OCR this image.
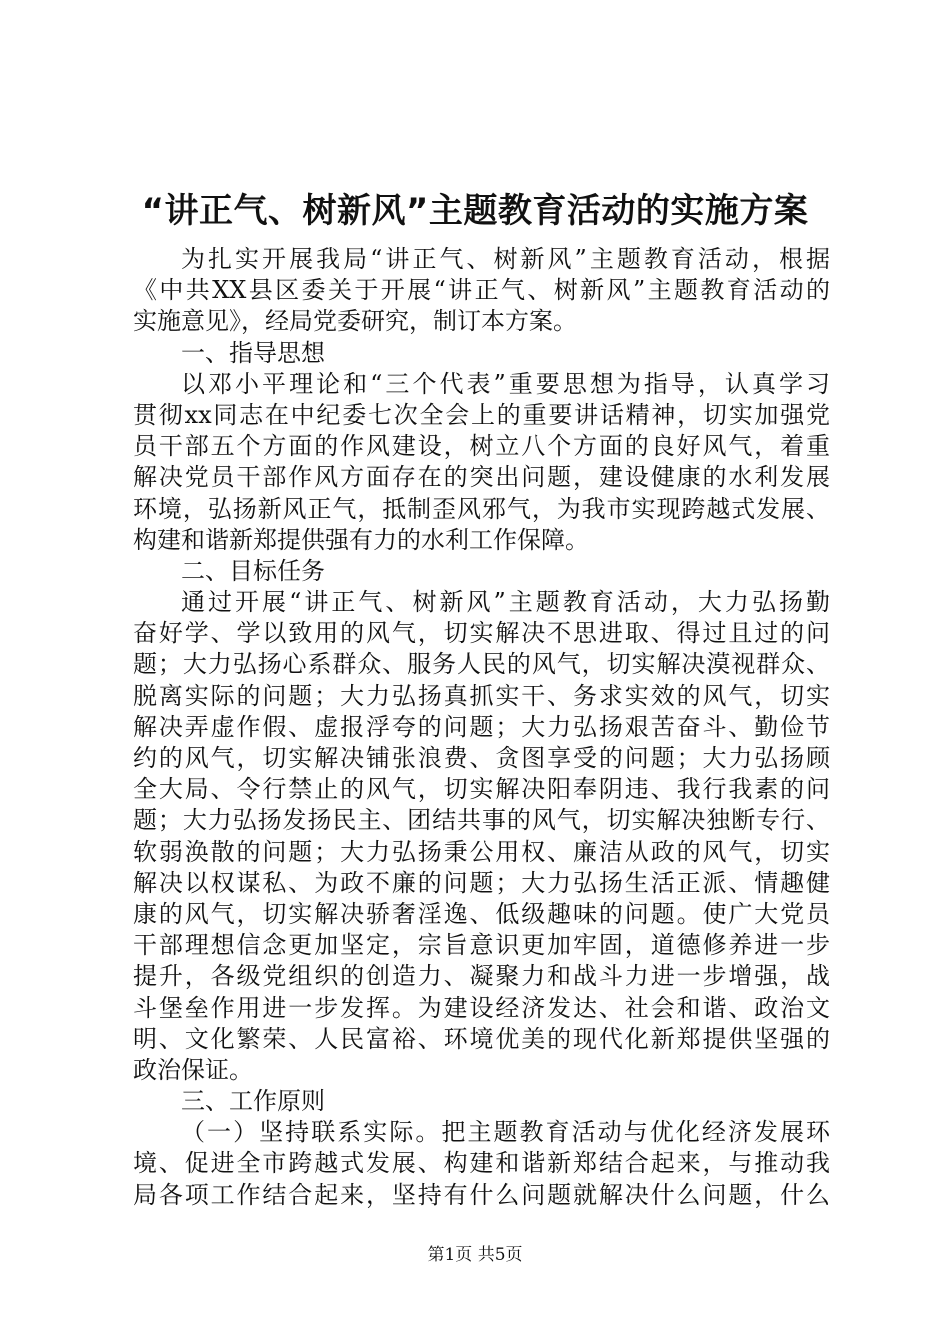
“讲正气、树新风”主题教育活动的实施方案
为扎实开展我局“讲正气、树新风”主题教育活动，根据
《中共XX县区委关于开展“讲正气、树新风”主题教育活动的
实施意见》，经局党委研究，制订本方案。
一、指导思想
以邓小平理论和“三个代表”重要思想为指导，认真学习
贯彻xx同志在中纪委七次全会上的重要讲话精神，切实加强党
员干部五个方面的作风建设，树立八个方面的良好风气，着重
解决党员干部作风方面存在的突出问题，建设健康的水利发展
环境，弘扬新风正气，抵制歪风邪气，为我市实现跨越式发展、
构建和谐新郑提供强有力的水利工作保障。
二、目标任务
通过开展“讲正气、树新风”主题教育活动，大力弘扬勤
奋好学、学以致用的风气，切实解决不思进取、得过且过的问
题；大力弘扬心系群众、服务人民的风气，切实解决漠视群众、
脱离实际的问题；大力弘扬真抓实干、务求实效的风气，切实
解决弄虚作假、虚报浮夸的问题；大力弘扬艰苦奋斗、勤俭节
约的风气，切实解决铺张浪费、贪图享受的问题；大力弘扬顾
全大局、令行禁止的风气，切实解决阳奉阴违、我行我素的问
题；大力弘扬发扬民主、团结共事的风气，切实解决独断专行、
软弱涣散的问题；大力弘扬秉公用权、廉洁从政的风气，切实
解决以权谋私、为政不廉的问题；大力弘扬生活正派、情趣健
康的风气，切实解决骄奢淫逸、低级趣味的问题。使广大党员
干部理想信念更加坚定，宗旨意识更加牢固，道德修养进一步
提升，各级党组织的创造力、凝聚力和战斗力进一步增强，战
斗堡垒作用进一步发挥。为建设经济发达、社会和谐、政治文
明、文化繁荣、人民富裕、环境优美的现代化新郑提供坚强的
政治保证。
三、工作原则
（一）坚持联系实际。把主题教育活动与优化经济发展环
境、促进全市跨越式发展、构建和谐新郑结合起来，与推动我
局各项工作结合起来，坚持有什么问题就解决什么问题，什么
第1页 共5页
